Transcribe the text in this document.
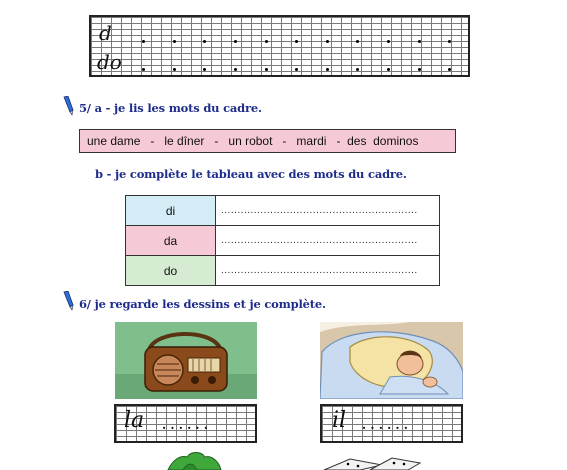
d
do
5/ a - je lis les mots du cadre.
une dame   -   le dîner   -   un robot   -   mardi   -  des  dominos
b - je complète le tableau avec des mots du cadre.
di	............................................................
da	............................................................
do	............................................................
6/ je regarde les dessins et je complète.
la . . . . . .	il . . . . . .
